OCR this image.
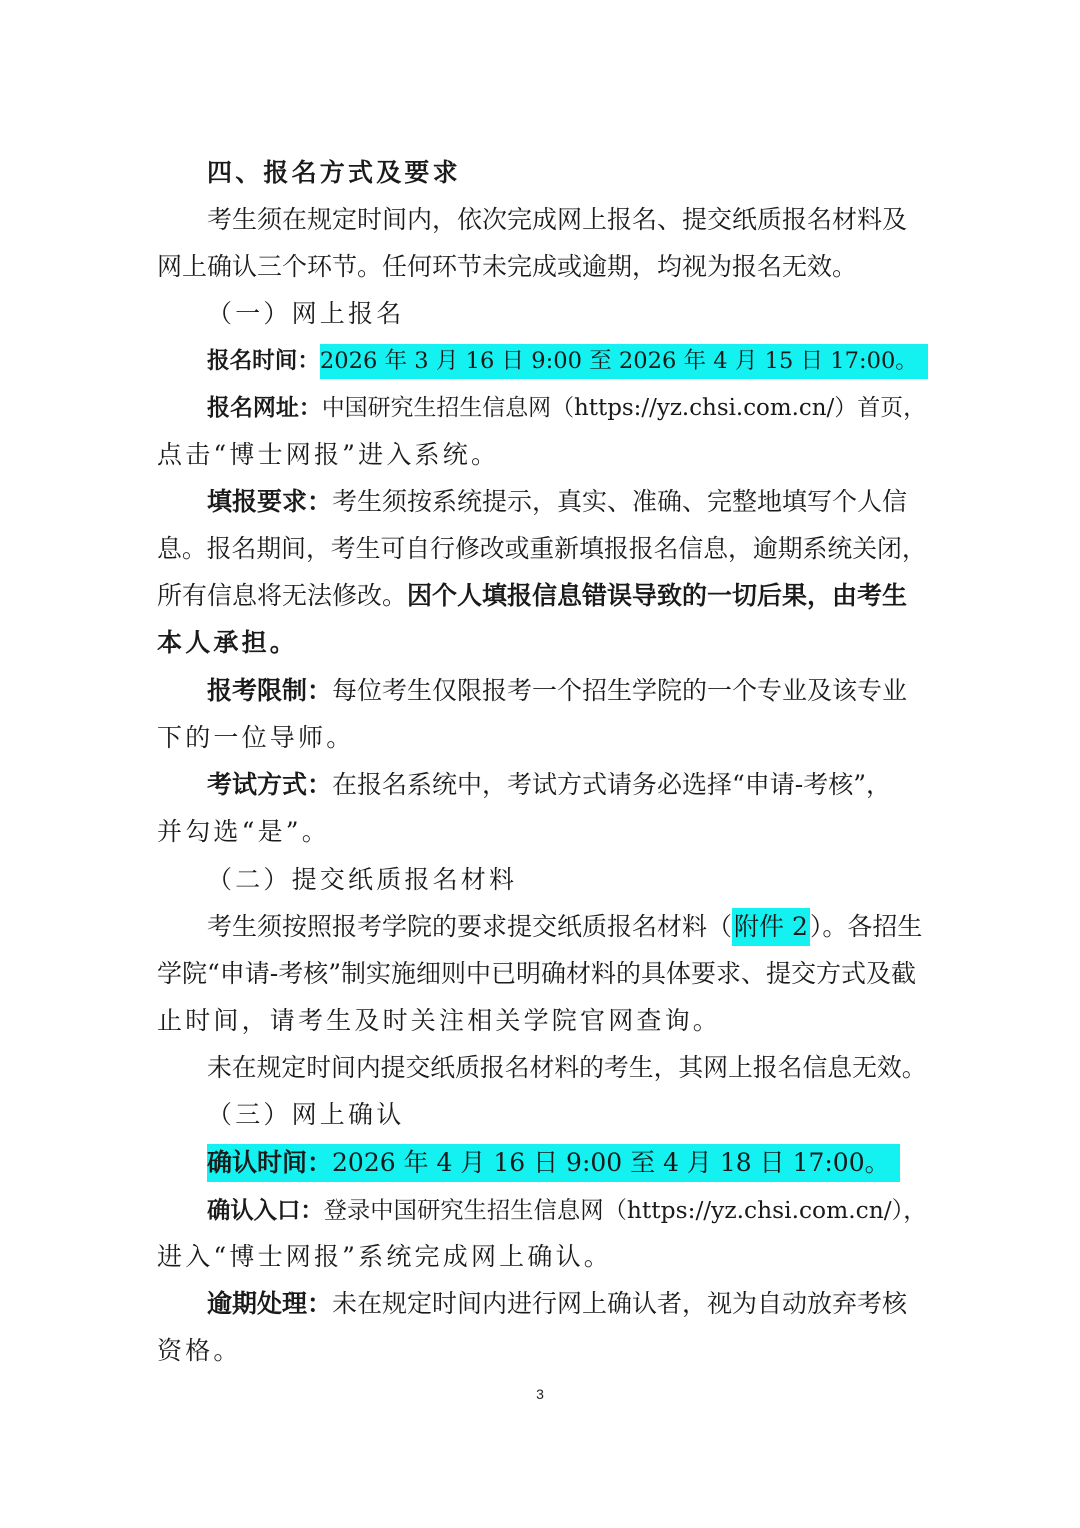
四、报名方式及要求
考生须在规定时间内，依次完成网上报名、提交纸质报名材料及
网上确认三个环节。任何环节未完成或逾期，均视为报名无效。
（一）网上报名
报名时间：2026 年 3 月 16 日 9:00 至 2026 年 4 月 15 日 17:00。
报名网址：中国研究生招生信息网（https://yz.chsi.com.cn/）首页，
点击“博士网报”进入系统。
填报要求：考生须按系统提示，真实、准确、完整地填写个人信
息。报名期间，考生可自行修改或重新填报报名信息，逾期系统关闭，
所有信息将无法修改。因个人填报信息错误导致的一切后果，由考生
本人承担。
报考限制：每位考生仅限报考一个招生学院的一个专业及该专业
下的一位导师。
考试方式：在报名系统中，考试方式请务必选择“申请-考核”，
并勾选“是”。
（二）提交纸质报名材料
考生须按照报考学院的要求提交纸质报名材料（附件 2）。各招生
学院“申请-考核”制实施细则中已明确材料的具体要求、提交方式及截
止时间，请考生及时关注相关学院官网查询。
未在规定时间内提交纸质报名材料的考生，其网上报名信息无效。
（三）网上确认
确认时间：2026 年 4 月 16 日 9:00 至 4 月 18 日 17:00。
确认入口：登录中国研究生招生信息网（https://yz.chsi.com.cn/），
进入“博士网报”系统完成网上确认。
逾期处理：未在规定时间内进行网上确认者，视为自动放弃考核
资格。
3
